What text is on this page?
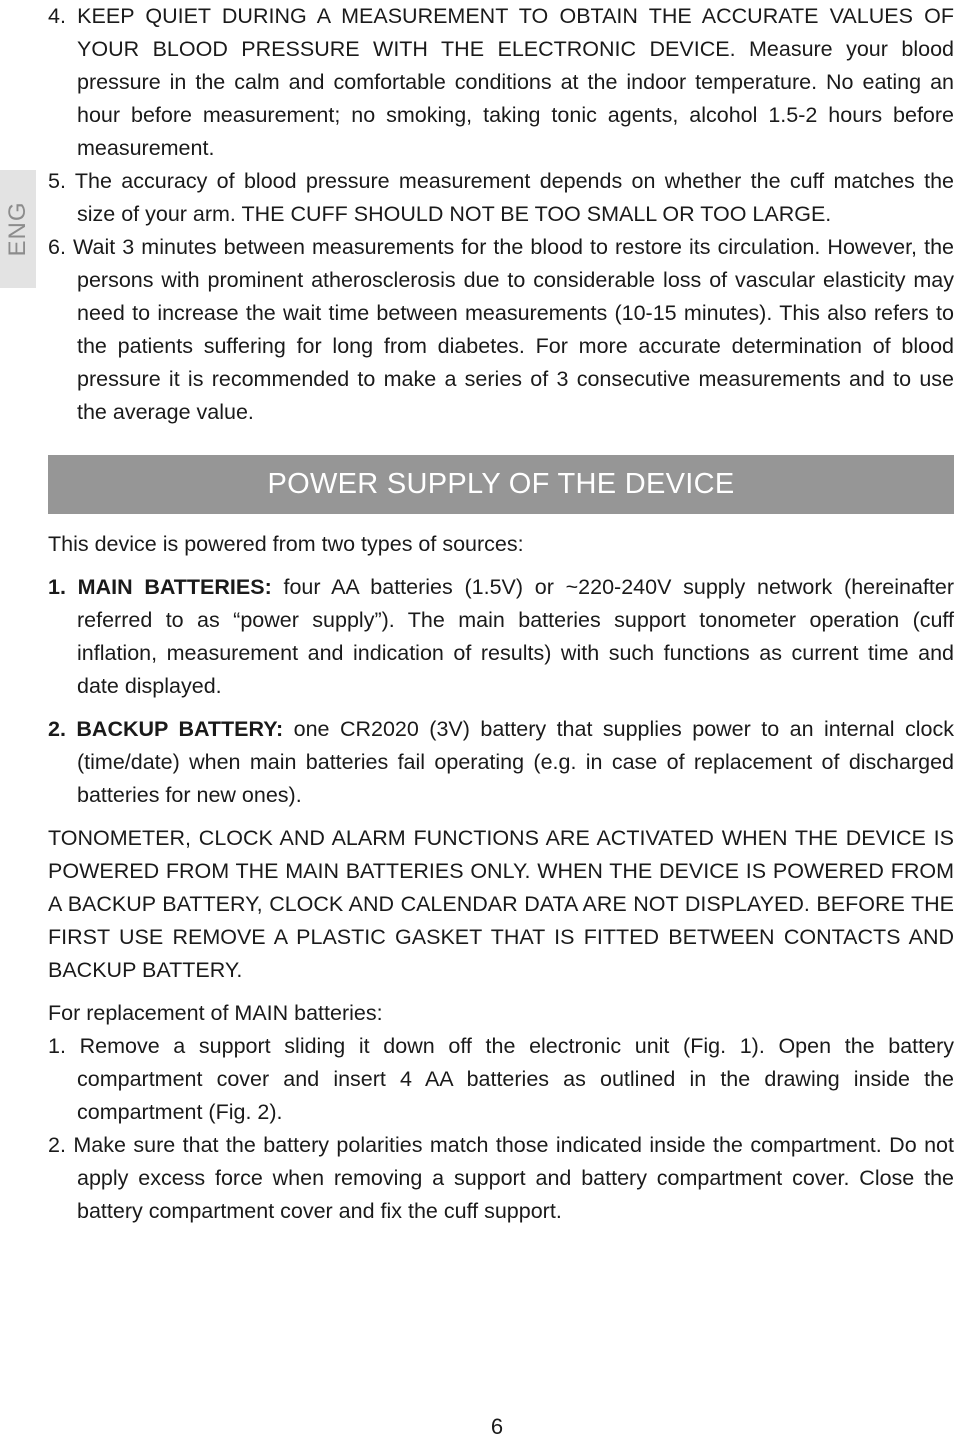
ENG

4. KEEP QUIET DURING A MEASUREMENT TO OBTAIN THE ACCURATE VALUES OF YOUR BLOOD PRESSURE WITH THE ELECTRONIC DEVICE. Measure your blood pressure in the calm and comfortable conditions at the indoor temperature. No eating an hour before measurement; no smoking, taking tonic agents, alcohol 1.5-2 hours before measurement.

5. The accuracy of blood pressure measurement depends on whether the cuff matches the size of your arm. THE CUFF SHOULD NOT BE TOO SMALL OR TOO LARGE.

6. Wait 3 minutes between measurements for the blood to restore its circulation. However, the persons with prominent atherosclerosis due to considerable loss of vascular elasticity may need to increase the wait time between measurements (10-15 minutes). This also refers to the patients suffering for long from diabetes. For more accurate determination of blood pressure it is recommended to make a series of 3 consecutive measurements and to use the average value.

POWER SUPPLY OF THE DEVICE

This device is powered from two types of sources:

1. MAIN BATTERIES: four AA batteries (1.5V) or ~220-240V supply network (hereinafter referred to as “power supply”). The main batteries support tonometer operation (cuff inflation, measurement and indication of results) with such functions as current time and date displayed.

2. BACKUP BATTERY: one CR2020 (3V) battery that supplies power to an internal clock (time/date) when main batteries fail operating (e.g. in case of replacement of discharged batteries for new ones).

TONOMETER, CLOCK AND ALARM FUNCTIONS ARE ACTIVATED WHEN THE DEVICE IS POWERED FROM THE MAIN BATTERIES ONLY. WHEN THE DEVICE IS POWERED FROM A BACKUP BATTERY, CLOCK AND CALENDAR DATA ARE NOT DISPLAYED. BEFORE THE FIRST USE REMOVE A PLASTIC GASKET THAT IS FITTED BETWEEN CONTACTS AND BACKUP BATTERY.

For replacement of MAIN batteries:

1. Remove a support sliding it down off the electronic unit (Fig. 1). Open the battery compartment cover and insert 4 AA batteries as outlined in the drawing inside the compartment (Fig. 2).

2. Make sure that the battery polarities match those indicated inside the compartment. Do not apply excess force when removing a support and battery compartment cover. Close the battery compartment cover and fix the cuff support.

6
